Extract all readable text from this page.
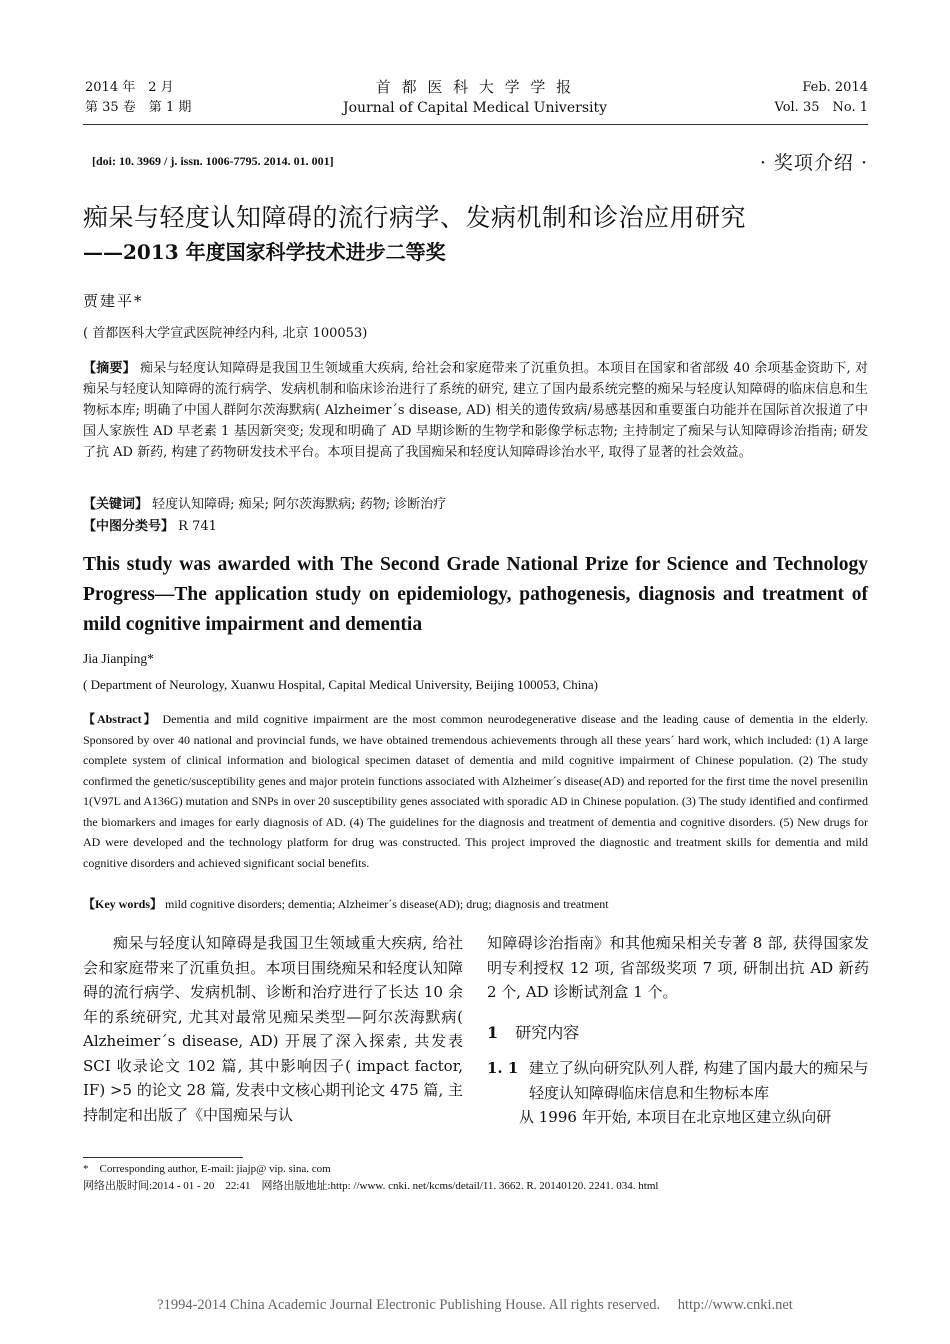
2014 年　2 月
第 35 卷　第 1 期
首 都 医 科 大 学 学 报
Journal of Capital Medical University
Feb. 2014
Vol. 35　No. 1
[doi: 10. 3969 / j. issn. 1006-7795. 2014. 01. 001]	· 奖项介绍 ·
痴呆与轻度认知障碍的流行病学、发病机制和诊治应用研究
——2013 年度国家科学技术进步二等奖
贾建平*
( 首都医科大学宣武医院神经内科, 北京 100053)
【摘要】 痴呆与轻度认知障碍是我国卫生领域重大疾病, 给社会和家庭带来了沉重负担。本项目在国家和省部级 40 余项基金资助下, 对痴呆与轻度认知障碍的流行病学、发病机制和临床诊治进行了系统的研究, 建立了国内最系统完整的痴呆与轻度认知障碍的临床信息和生物标本库; 明确了中国人群阿尔茨海默病( Alzheimer´s disease, AD) 相关的遗传致病/易感基因和重要蛋白功能并在国际首次报道了中国人家族性 AD 早老素 1 基因新突变; 发现和明确了 AD 早期诊断的生物学和影像学标志物; 主持制定了痴呆与认知障碍诊治指南; 研发了抗 AD 新药, 构建了药物研发技术平台。本项目提高了我国痴呆和轻度认知障碍诊治水平, 取得了显著的社会效益。
【关键词】 轻度认知障碍; 痴呆; 阿尔茨海默病; 药物; 诊断治疗
【中图分类号】 R 741
This study was awarded with The Second Grade National Prize for Science and Technology Progress—The application study on epidemiology, pathogenesis, diagnosis and treatment of mild cognitive impairment and dementia
Jia Jianping*
( Department of Neurology, Xuanwu Hospital, Capital Medical University, Beijing 100053, China)
【Abstract】 Dementia and mild cognitive impairment are the most common neurodegenerative disease and the leading cause of dementia in the elderly. Sponsored by over 40 national and provincial funds, we have obtained tremendous achievements through all these years´ hard work, which included: (1) A large complete system of clinical information and biological specimen dataset of dementia and mild cognitive impairment of Chinese population. (2) The study confirmed the genetic/susceptibility genes and major protein functions associated with Alzheimer´s disease(AD) and reported for the first time the novel presenilin 1(V97L and A136G) mutation and SNPs in over 20 susceptibility genes associated with sporadic AD in Chinese population. (3) The study identified and confirmed the biomarkers and images for early diagnosis of AD. (4) The guidelines for the diagnosis and treatment of dementia and cognitive disorders. (5) New drugs for AD were developed and the technology platform for drug was constructed. This project improved the diagnostic and treatment skills for dementia and mild cognitive disorders and achieved significant social benefits.
【Key words】 mild cognitive disorders; dementia; Alzheimer´s disease(AD); drug; diagnosis and treatment

痴呆与轻度认知障碍是我国卫生领域重大疾病, 给社会和家庭带来了沉重负担。本项目围绕痴呆和轻度认知障碍的流行病学、发病机制、诊断和治疗进行了长达 10 余年的系统研究, 尤其对最常见痴呆类型—阿尔茨海默病( Alzheimer´s disease, AD) 开展了深入探索, 共发表 SCI 收录论文 102 篇, 其中影响因子( impact factor, IF) >5 的论文 28 篇, 发表中文核心期刊论文 475 篇, 主持制定和出版了《中国痴呆与认

知障碍诊治指南》和其他痴呆相关专著 8 部, 获得国家发明专利授权 12 项, 省部级奖项 7 项, 研制出抗 AD 新药 2 个, AD 诊断试剂盒 1 个。

1 研究内容
1. 1 建立了纵向研究队列人群, 构建了国内最大的痴呆与轻度认知障碍临床信息和生物标本库
从 1996 年开始, 本项目在北京地区建立纵向研
*　Corresponding author, E-mail: jiajp@ vip. sina. com
网络出版时间:2014 - 01 - 20　22:41　网络出版地址:http: //www. cnki. net/kcms/detail/11. 3662. R. 20140120. 2241. 034. html
?1994-2014 China Academic Journal Electronic Publishing House. All rights reserved. http://www.cnki.net
